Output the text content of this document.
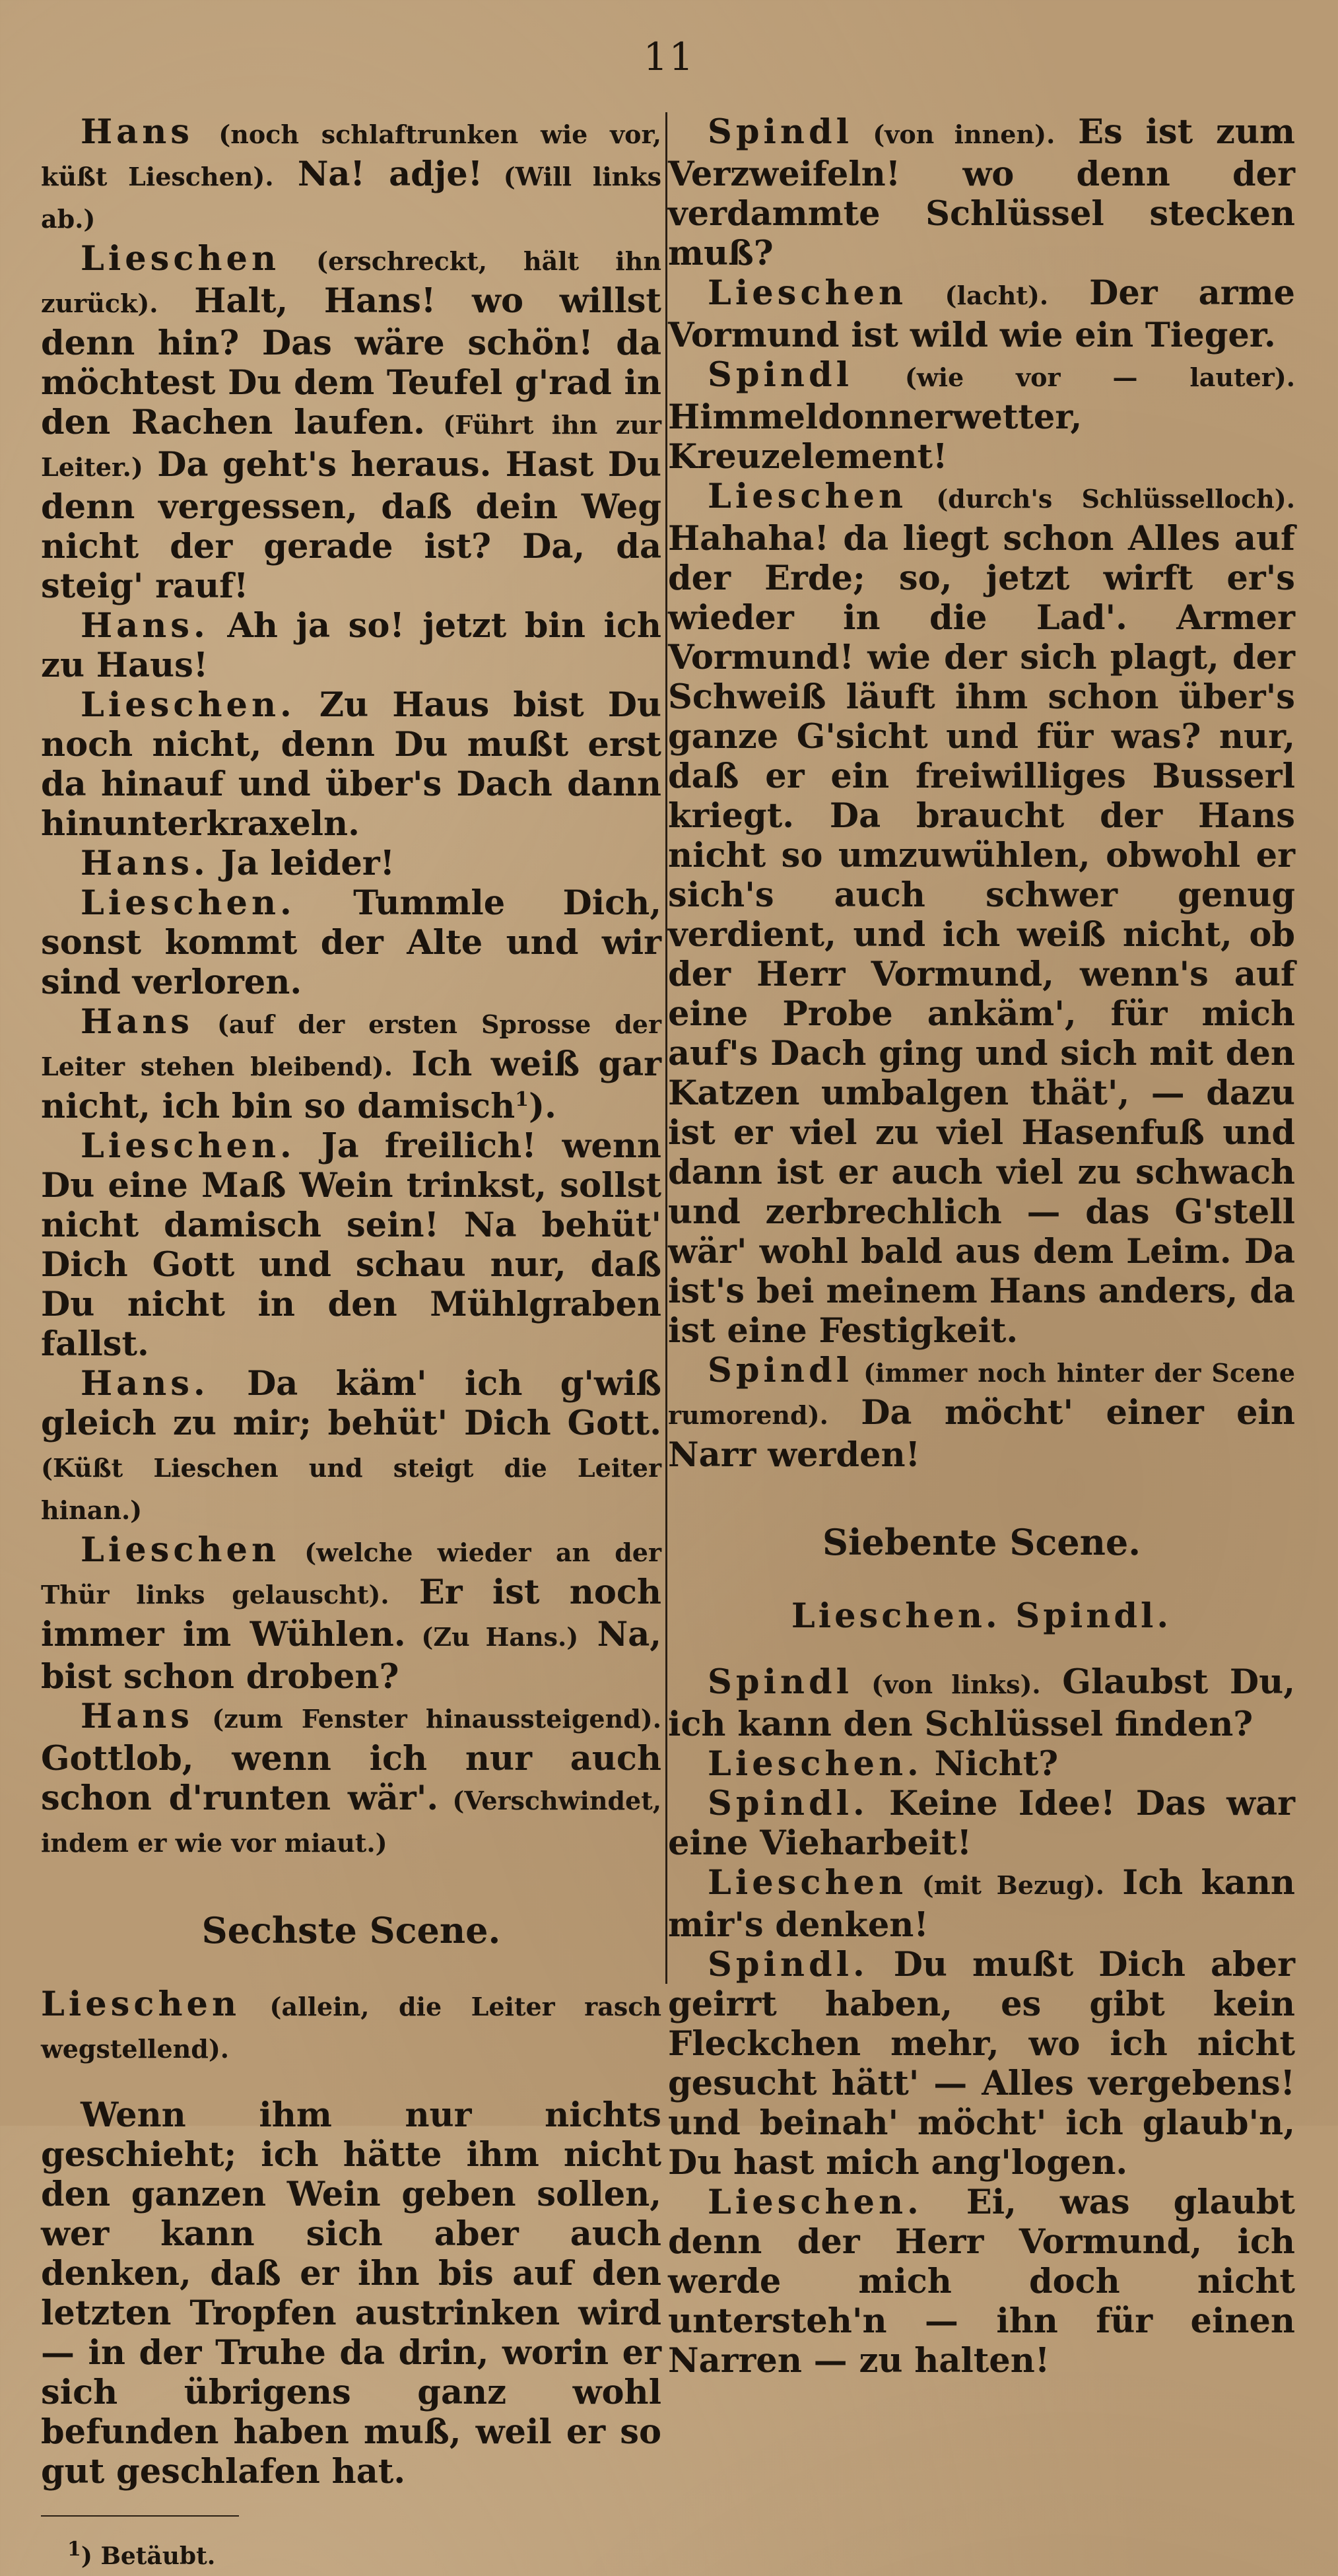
11

Hans (noch schlaftrunken wie vor, küßt Lieschen). Na! adje! (Will links ab.)

Lieschen (erschreckt, hält ihn zurück). Halt, Hans! wo willst denn hin? Das wäre schön! da möchtest Du dem Teufel g'rad in den Rachen laufen. (Führt ihn zur Leiter.) Da geht's heraus. Hast Du denn vergessen, daß dein Weg nicht der gerade ist? Da, da steig' rauf!

Hans. Ah ja so! jetzt bin ich zu Haus!

Lieschen. Zu Haus bist Du noch nicht, denn Du mußt erst da hinauf und über's Dach dann hinunterkraxeln.

Hans. Ja leider!

Lieschen. Tummle Dich, sonst kommt der Alte und wir sind verloren.

Hans (auf der ersten Sprosse der Leiter stehen bleibend). Ich weiß gar nicht, ich bin so damisch$^1$).

Lieschen. Ja freilich! wenn Du eine Maß Wein trinkst, sollst nicht damisch sein! Na behüt' Dich Gott und schau nur, daß Du nicht in den Mühlgraben fallst.

Hans. Da käm' ich g'wiß gleich zu mir; behüt' Dich Gott. (Küßt Lieschen und steigt die Leiter hinan.)

Lieschen (welche wieder an der Thür links gelauscht). Er ist noch immer im Wühlen. (Zu Hans.) Na, bist schon droben?

Hans (zum Fenster hinaussteigend). Gottlob, wenn ich nur auch schon d'runten wär'. (Verschwindet, indem er wie vor miaut.)

Sechste Scene.

Lieschen (allein, die Leiter rasch wegstellend).

Wenn ihm nur nichts geschieht; ich hätte ihm nicht den ganzen Wein geben sollen, wer kann sich aber auch denken, daß er ihn bis auf den letzten Tropfen austrinken wird — in der Truhe da drin, worin er sich übrigens ganz wohl befunden haben muß, weil er so gut geschlafen hat.

$^1$) Betäubt.

Spindl (von innen). Es ist zum Verzweifeln! wo denn der verdammte Schlüssel stecken muß?

Lieschen (lacht). Der arme Vormund ist wild wie ein Tieger.

Spindl (wie vor — lauter). Himmeldonnerwetter, Kreuzelement!

Lieschen (durch's Schlüsselloch). Hahaha! da liegt schon Alles auf der Erde; so, jetzt wirft er's wieder in die Lad'. Armer Vormund! wie der sich plagt, der Schweiß läuft ihm schon über's ganze G'sicht und für was? nur, daß er ein freiwilliges Busserl kriegt. Da braucht der Hans nicht so umzuwühlen, obwohl er sich's auch schwer genug verdient, und ich weiß nicht, ob der Herr Vormund, wenn's auf eine Probe ankäm', für mich auf's Dach ging und sich mit den Katzen umbalgen thät', — dazu ist er viel zu viel Hasenfuß und dann ist er auch viel zu schwach und zerbrechlich — das G'stell wär' wohl bald aus dem Leim. Da ist's bei meinem Hans anders, da ist eine Festigkeit.

Spindl (immer noch hinter der Scene rumorend). Da möcht' einer ein Narr werden!

Siebente Scene.
Lieschen. Spindl.

Spindl (von links). Glaubst Du, ich kann den Schlüssel finden?

Lieschen. Nicht?

Spindl. Keine Idee! Das war eine Vieharbeit!

Lieschen (mit Bezug). Ich kann mir's denken!

Spindl. Du mußt Dich aber geirrt haben, es gibt kein Fleckchen mehr, wo ich nicht gesucht hätt' — Alles vergebens! und beinah' möcht' ich glaub'n, Du hast mich ang'logen.

Lieschen. Ei, was glaubt denn der Herr Vormund, ich werde mich doch nicht untersteh'n — ihn für einen Narren — zu halten!
